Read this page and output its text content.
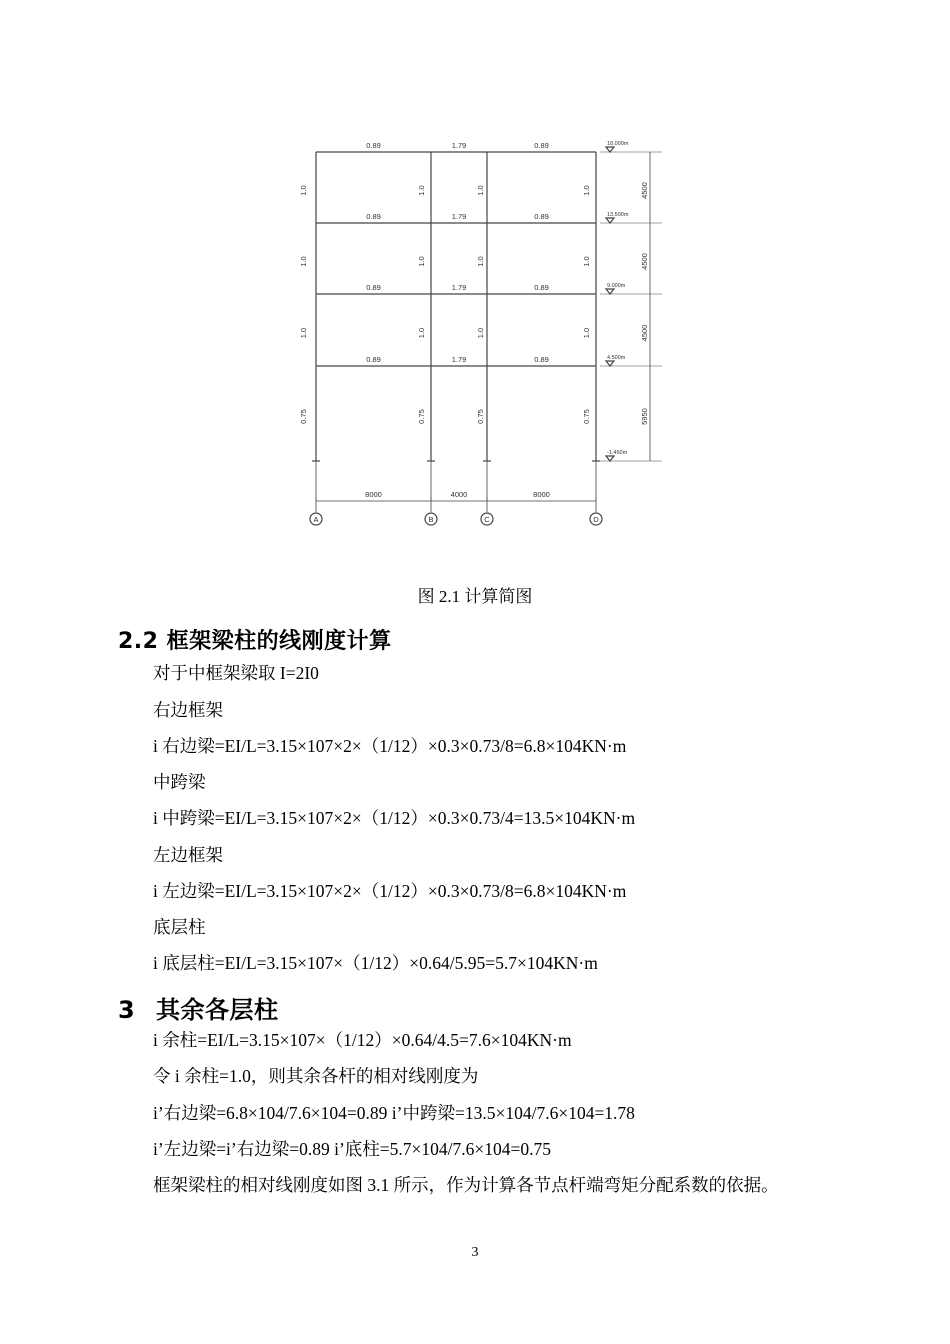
A	B	C	D
0.89	1.79	0.89
0.89	1.79	0.89
0.89	1.79	0.89
0.89	1.79	0.89
1.0	1.0	1.0	1.0
1.0	1.0	1.0	1.0
1.0	1.0	1.0	1.0
0.75	0.75	0.75	0.75
4500
4500
4500
5950
18.000m
13.500m
9.000m
4.500m
-1.450m
8000	4000	8000
图 2.1 计算简图
2.2 框架梁柱的线刚度计算
对于中框架梁取 I=2I0
右边框架
i 右边梁=EI/L=3.15×107×2×（1/12）×0.3×0.73/8=6.8×104KN·m
中跨梁
i 中跨梁=EI/L=3.15×107×2×（1/12）×0.3×0.73/4=13.5×104KN·m
左边框架
i 左边梁=EI/L=3.15×107×2×（1/12）×0.3×0.73/8=6.8×104KN·m
底层柱
i 底层柱=EI/L=3.15×107×（1/12）×0.64/5.95=5.7×104KN·m
3 其余各层柱
i 余柱=EI/L=3.15×107×（1/12）×0.64/4.5=7.6×104KN·m
令 i 余柱=1.0，则其余各杆的相对线刚度为
i’右边梁=6.8×104/7.6×104=0.89 i’中跨梁=13.5×104/7.6×104=1.78
i’左边梁=i’右边梁=0.89 i’底柱=5.7×104/7.6×104=0.75
框架梁柱的相对线刚度如图 3.1 所示，作为计算各节点杆端弯矩分配系数的依据。
3
